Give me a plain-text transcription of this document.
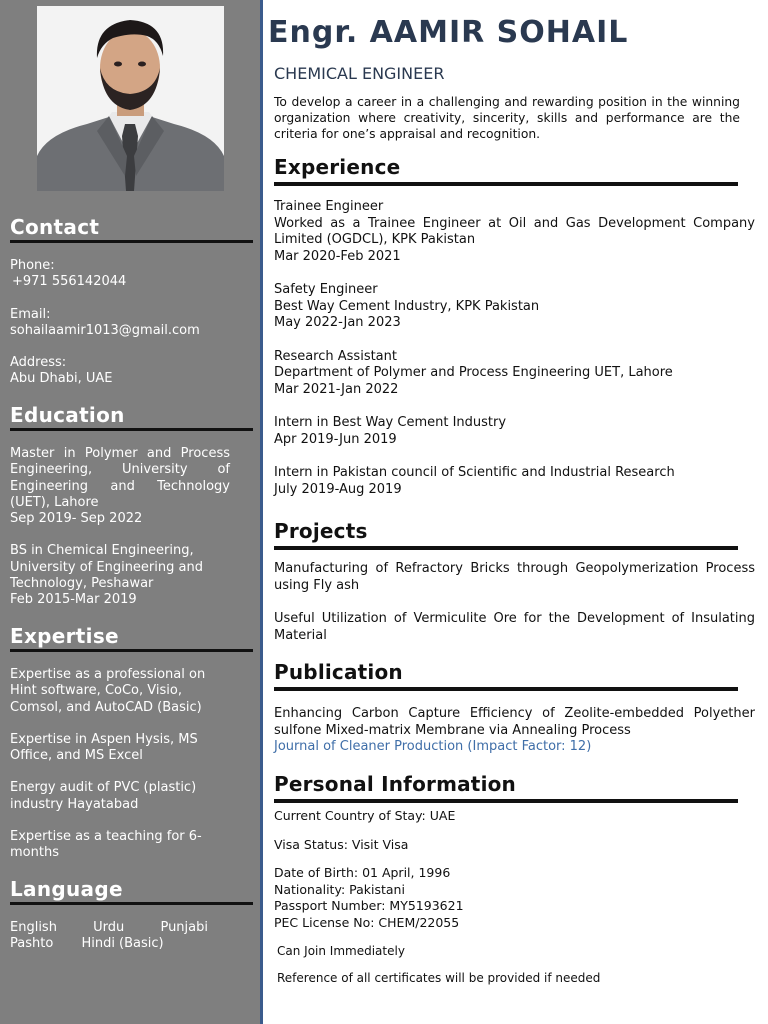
Contact
Phone:
+971 556142044
Email:
sohailaamir1013@gmail.com
Address:
Abu Dhabi, UAE
Education
Master in Polymer and Process Engineering, University of Engineering and Technology (UET), Lahore
Sep 2019- Sep 2022
BS in Chemical Engineering, University of Engineering and Technology, Peshawar
Feb 2015-Mar 2019
Expertise
Expertise as a professional on Hint software, CoCo, Visio, Comsol, and AutoCAD (Basic)
Expertise in Aspen Hysis, MS Office, and MS Excel
Energy audit of PVC (plastic) industry Hayatabad
Expertise as a teaching for 6-months
Language
English	Urdu	Punjabi
Pashto Hindi (Basic)
Engr. AAMIR SOHAIL
CHEMICAL ENGINEER
To develop a career in a challenging and rewarding position in the winning organization where creativity, sincerity, skills and performance are the criteria for one’s appraisal and recognition.
Experience
Trainee Engineer
Worked as a Trainee Engineer at Oil and Gas Development Company Limited (OGDCL), KPK Pakistan
Mar 2020-Feb 2021
Safety Engineer
Best Way Cement Industry, KPK Pakistan
May 2022-Jan 2023
Research Assistant
Department of Polymer and Process Engineering UET, Lahore
Mar 2021-Jan 2022
Intern in Best Way Cement Industry
Apr 2019-Jun 2019
Intern in Pakistan council of Scientific and Industrial Research
July 2019-Aug 2019
Projects
Manufacturing of Refractory Bricks through Geopolymerization Process using Fly ash
Useful Utilization of Vermiculite Ore for the Development of Insulating Material
Publication
Enhancing Carbon Capture Efficiency of Zeolite-embedded Polyether sulfone Mixed-matrix Membrane via Annealing Process
Journal of Cleaner Production (Impact Factor: 12)
Personal Information
Current Country of Stay: UAE
Visa Status: Visit Visa
Date of Birth: 01 April, 1996
Nationality: Pakistani
Passport Number: MY5193621
PEC License No: CHEM/22055
Can Join Immediately
Reference of all certificates will be provided if needed
